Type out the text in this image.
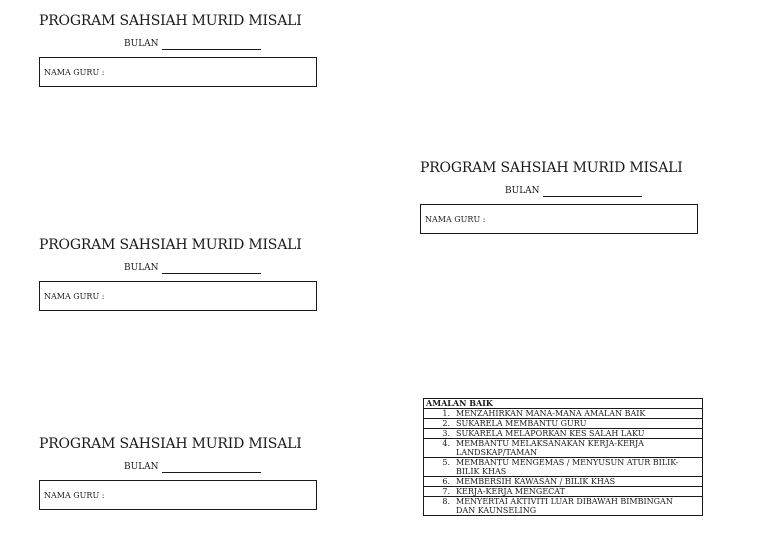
PROGRAM SAHSIAH MURID MISALI
BULAN
NAMA GURU :
PROGRAM SAHSIAH MURID MISALI
BULAN
NAMA GURU :
PROGRAM SAHSIAH MURID MISALI
BULAN
NAMA GURU :
PROGRAM SAHSIAH MURID MISALI
BULAN
NAMA GURU :
AMALAN BAIK
1. MENZAHIRKAN MANA-MANA AMALAN BAIK
2. SUKARELA MEMBANTU GURU
3. SUKARELA MELAPORKAN KES SALAH LAKU
4. MEMBANTU MELAKSANAKAN KERJA-KERJA LANDSKAP/TAMAN
5. MEMBANTU MENGEMAS / MENYUSUN ATUR BILIK-BILIK KHAS
6. MEMBERSIH KAWASAN / BILIK KHAS
7. KERJA-KERJA MENGECAT
8. MENYERTAI AKTIVITI LUAR DIBAWAH BIMBINGAN DAN KAUNSELING
